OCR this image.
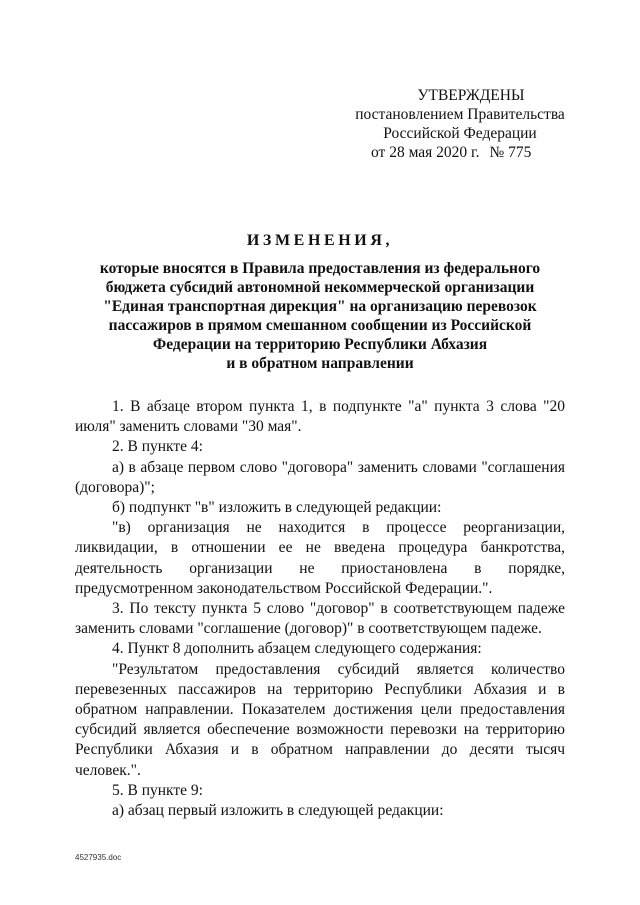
УТВЕРЖДЕНЫ
постановлением Правительства
Российской Федерации
от 28 мая 2020 г. № 775
ИЗМЕНЕНИЯ,
которые вносятся в Правила предоставления из федерального
бюджета субсидий автономной некоммерческой организации
"Единая транспортная дирекция" на организацию перевозок
пассажиров в прямом смешанном сообщении из Российской
Федерации на территорию Республики Абхазия
и в обратном направлении

1. В абзаце втором пункта 1, в подпункте "а" пункта 3 слова "20 июля" заменить словами "30 мая".

2. В пункте 4:

а) в абзаце первом слово "договора" заменить словами "соглашения (договора)";

б) подпункт "в" изложить в следующей редакции:

"в) организация не находится в процессе реорганизации, ликвидации, в отношении ее не введена процедура банкротства, деятельность организации не приостановлена в порядке, предусмотренном законодательством Российской Федерации.".

3. По тексту пункта 5 слово "договор" в соответствующем падеже заменить словами "соглашение (договор)" в соответствующем падеже.

4. Пункт 8 дополнить абзацем следующего содержания:

"Результатом предоставления субсидий является количество перевезенных пассажиров на территорию Республики Абхазия и в обратном направлении. Показателем достижения цели предоставления субсидий является обеспечение возможности перевозки на территорию Республики Абхазия и в обратном направлении до десяти тысяч человек.".

5. В пункте 9:

а) абзац первый изложить в следующей редакции:

4527935.doc
